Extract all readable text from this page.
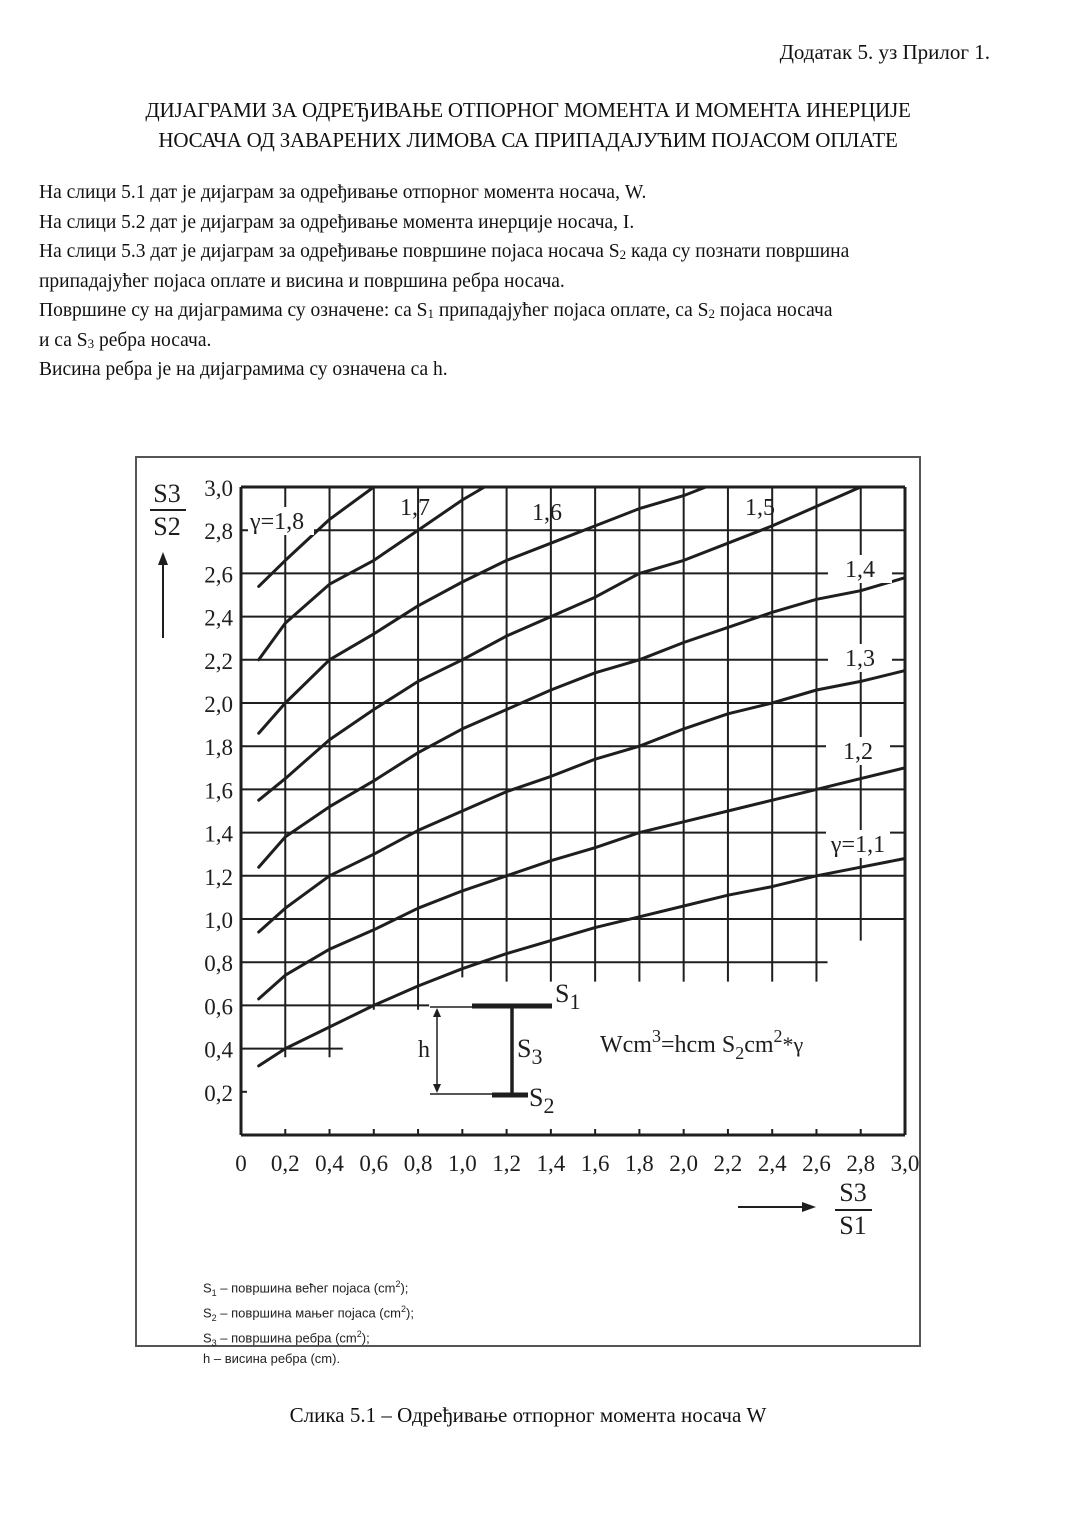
Додатак 5. уз Прилог 1.
ДИЈАГРАМИ ЗА ОДРЕЂИВАЊЕ ОТПОРНОГ МОМЕНТА И МОМЕНТА ИНЕРЦИЈЕ
НОСАЧА ОД ЗАВАРЕНИХ ЛИМОВА СА ПРИПАДАЈУЋИМ ПОЈАСОМ ОПЛАТЕ

На слици 5.1 дат је дијаграм за одређивање отпорног момента носача, W.

На слици 5.2 дат је дијаграм за одређивање момента инерције носача, I.

На слици 5.3 дат је дијаграм за одређивање површине појаса носача $S_2$ када су познати површина

припадајућег појаса оплате и висина и површина ребра носача.

Површине су на дијаграмима су означене: са $S_1$ припадајућег појаса оплате, са $S_2$ појаса носача

и са $S_3$ ребра носача.

Висина ребра је на дијаграмима су означена са h.

0 0,2 0,4 0,6 0,8 1,0 1,2 1,4 1,6 1,8 2,0 2,2 2,4 2,6 2,8 3,0
0,2
0,4
0,6
0,8
1,0
1,2
1,4
1,6
1,8
2,0
2,2
2,4
2,6
2,8
3,0
γ=1,8
1,7	1,6	1,5
1,4
1,3
1,2
γ=1,1
S3
S2
S3
S1
h
$S_1$
$S_3$
$S_2$
Wcm$^3$=hcm $S_2cm^2*\gamma$
$S_1$ – површина већег појаса $(cm^2)$;
$S_2$ – површина мањег појаса $(cm^2)$;
$S_3$ – површина ребра $(cm^2)$;
h – висина ребра (cm).
Слика 5.1 – Одређивање отпорног момента носача W
